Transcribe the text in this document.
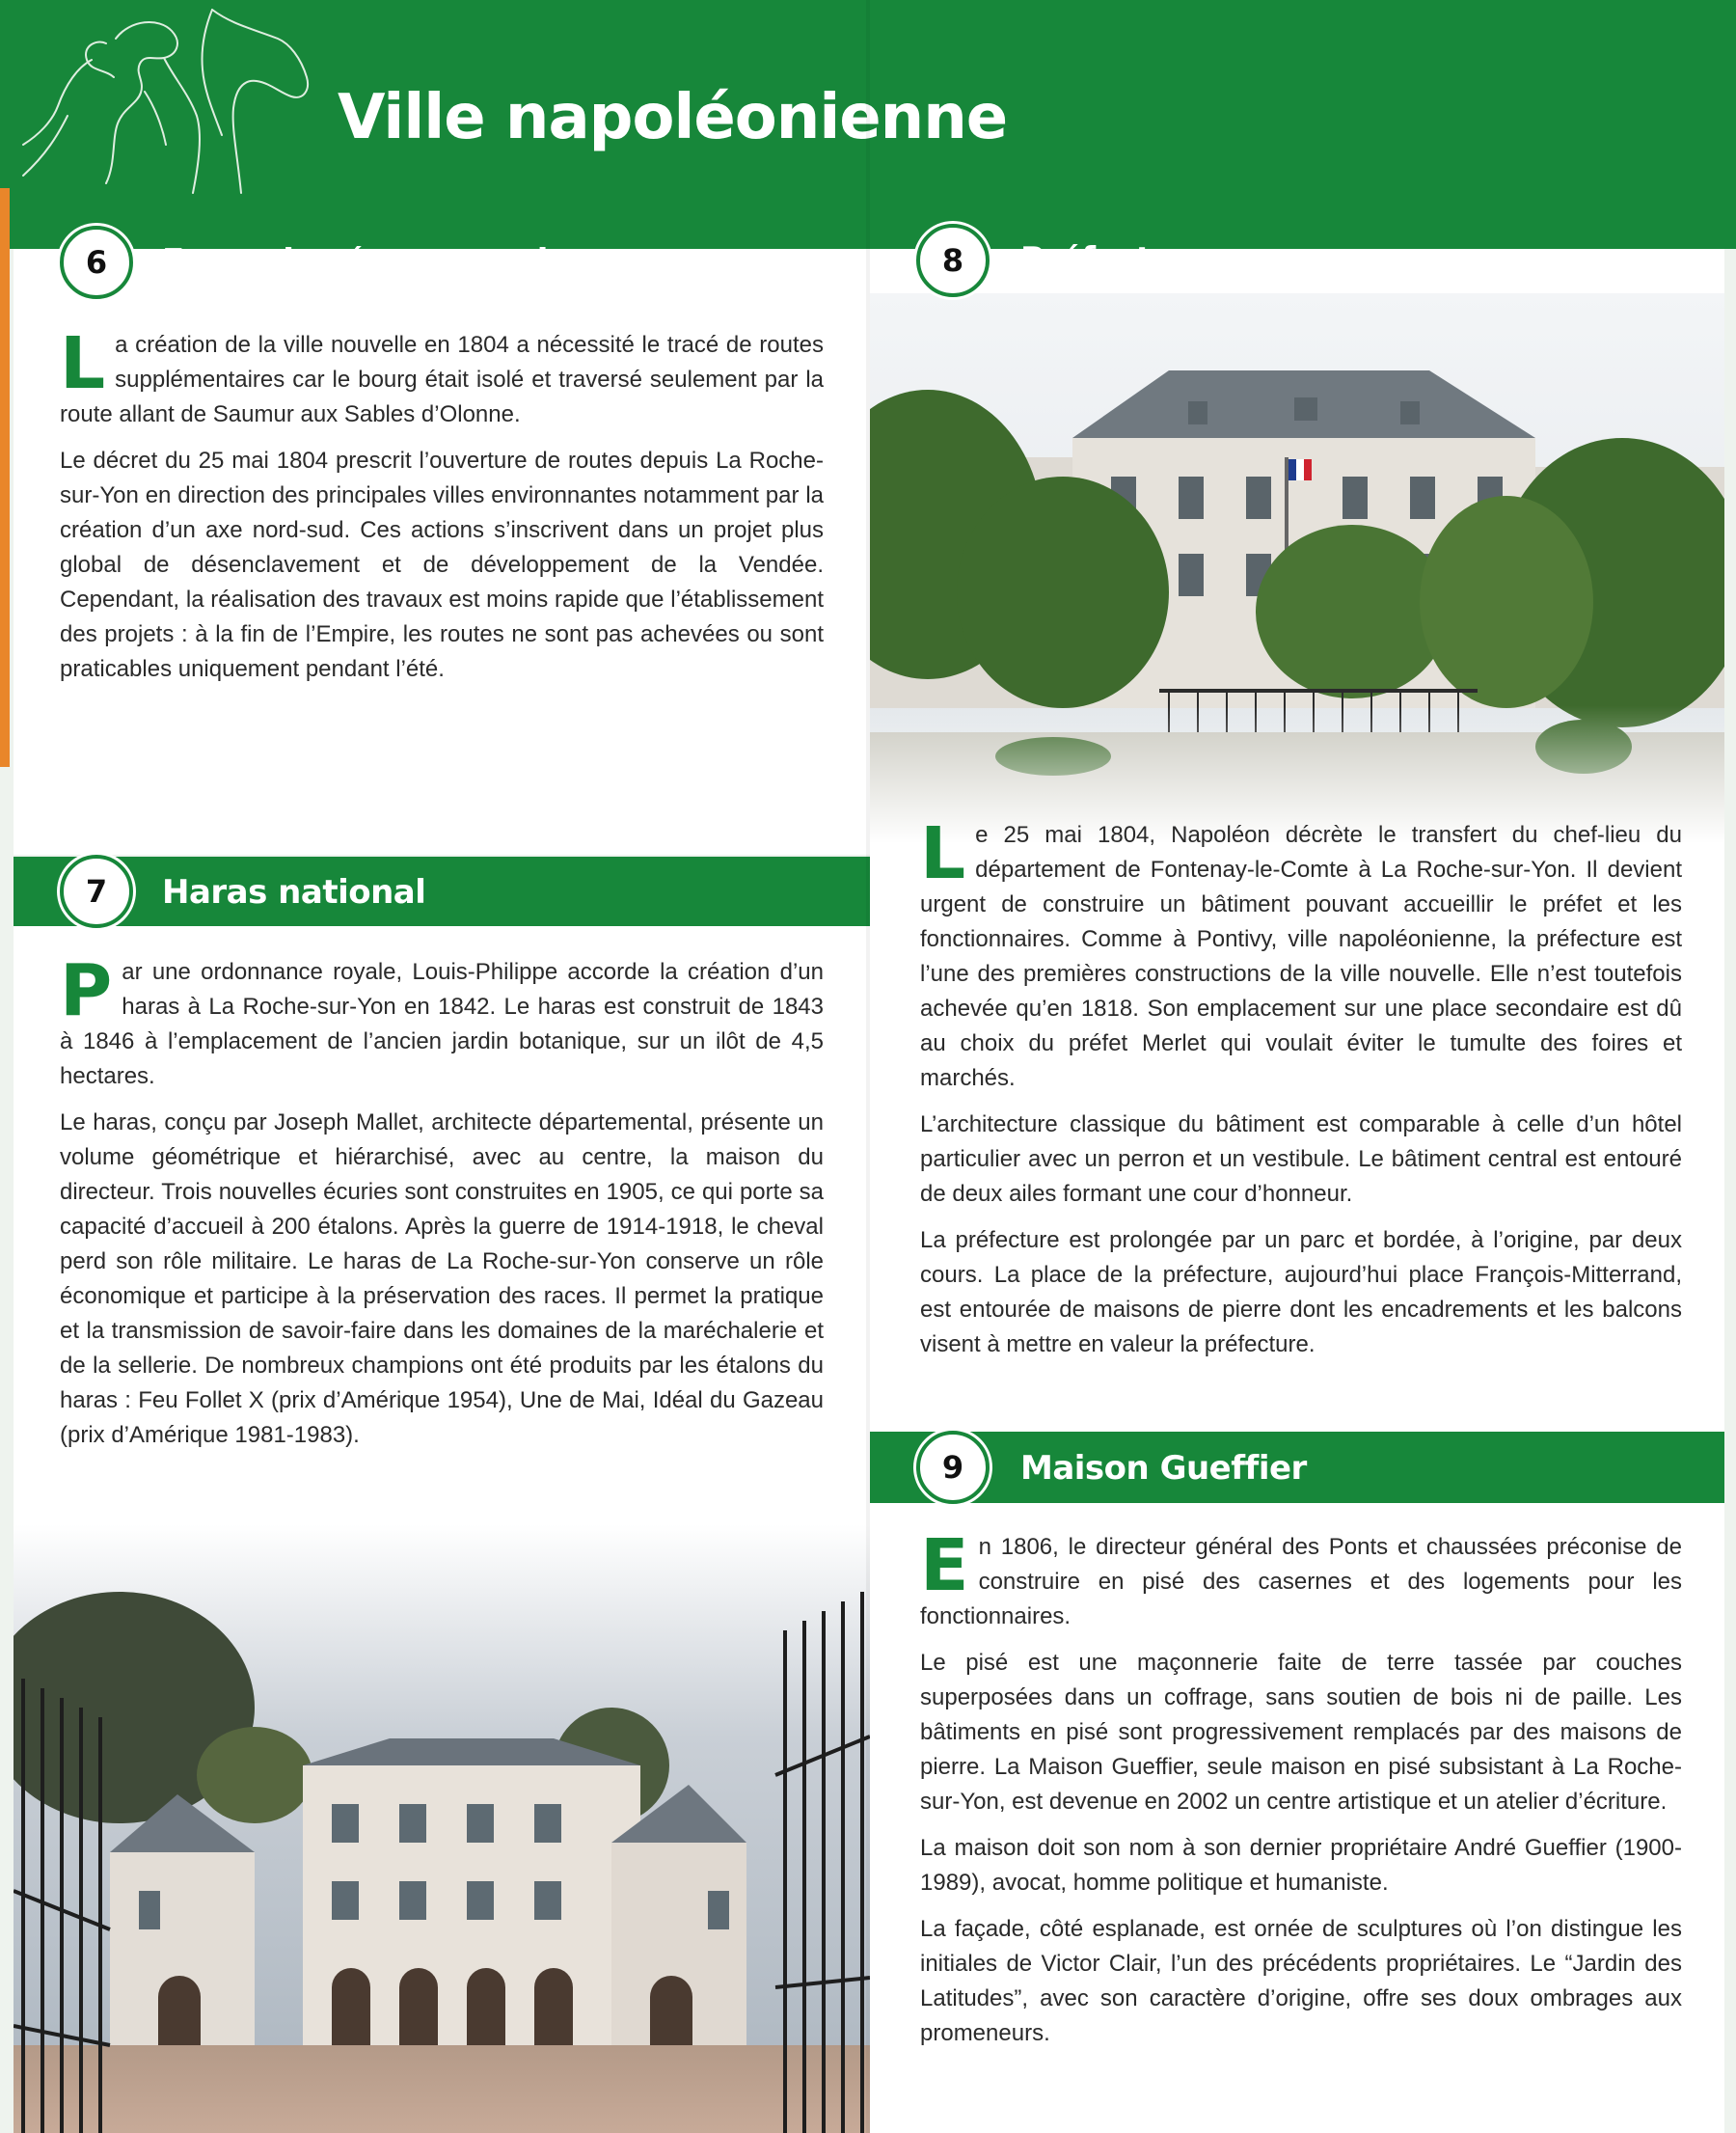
Ville napoléonienne

La création de la ville nouvelle en 1804 a nécessité le tracé de routes supplémentaires car le bourg était isolé et traversé seulement par la route allant de Saumur aux Sables d’Olonne.

Le décret du 25 mai 1804 prescrit l’ouverture de routes depuis La Roche-sur-Yon en direction des principales villes environnantes notamment par la création d’un axe nord-sud. Ces actions s’inscrivent dans un projet plus global de désenclavement et de développement de la Vendée. Cependant, la réalisation des travaux est moins rapide que l’établissement des projets : à la fin de l’Empire, les routes ne sont pas achevées ou sont praticables uniquement pendant l’été.

6	Essor du réseau routier

Par une ordonnance royale, Louis-Philippe accorde la création d’un haras à La Roche-sur-Yon en 1842. Le haras est construit de 1843 à 1846 à l’emplacement de l’ancien jardin botanique, sur un ilôt de 4,5 hectares.

Le haras, conçu par Joseph Mallet, architecte départemental, présente un volume géométrique et hiérarchisé, avec au centre, la maison du directeur. Trois nouvelles écuries sont construites en 1905, ce qui porte sa capacité d’accueil à 200 étalons. Après la guerre de 1914-1918, le cheval perd son rôle militaire. Le haras de La Roche-sur-Yon conserve un rôle économique et participe à la préservation des races. Il permet la pratique et la transmission de savoir-faire dans les domaines de la maréchalerie et de la sellerie. De nombreux champions ont été produits par les étalons du haras : Feu Follet X (prix d’Amérique 1954), Une de Mai, Idéal du Gazeau (prix d’Amérique 1981-1983).

7	Haras national	Le 25 mai 1804, Napoléon décrète le transfert du chef-lieu du département de Fontenay-le-Comte à La Roche-sur-Yon. Il devient urgent de construire un bâtiment pouvant accueillir le préfet et les fonctionnaires. Comme à Pontivy, ville napoléonienne, la préfecture est l’une des premières constructions de la ville nouvelle. Elle n’est toutefois achevée qu’en 1818. Son emplacement sur une place secondaire est dû au choix du préfet Merlet qui voulait éviter le tumulte des foires et marchés.

L’architecture classique du bâtiment est comparable à celle d’un hôtel particulier avec un perron et un vestibule. Le bâtiment central est entouré de deux ailes formant une cour d’honneur.

La préfecture est prolongée par un parc et bordée, à l’origine, par deux cours. La place de la préfecture, aujourd’hui place François-Mitterrand, est entourée de maisons de pierre dont les encadrements et les balcons visent à mettre en valeur la préfecture.

En 1806, le directeur général des Ponts et chaussées préconise de construire en pisé des casernes et des logements pour les fonctionnaires.

Le pisé est une maçonnerie faite de terre tassée par couches superposées dans un coffrage, sans soutien de bois ni de paille. Les bâtiments en pisé sont progressivement remplacés par des maisons de pierre. La Maison Gueffier, seule maison en pisé subsistant à La Roche-sur-Yon, est devenue en 2002 un centre artistique et un atelier d’écriture.

La maison doit son nom à son dernier propriétaire André Gueffier (1900-1989), avocat, homme politique et humaniste.

La façade, côté esplanade, est ornée de sculptures où l’on distingue les initiales de Victor Clair, l’un des précédents propriétaires. Le “Jardin des Latitudes”, avec son caractère d’origine, offre ses doux ombrages aux promeneurs.

8	Préfecture
9	Maison Gueffier
